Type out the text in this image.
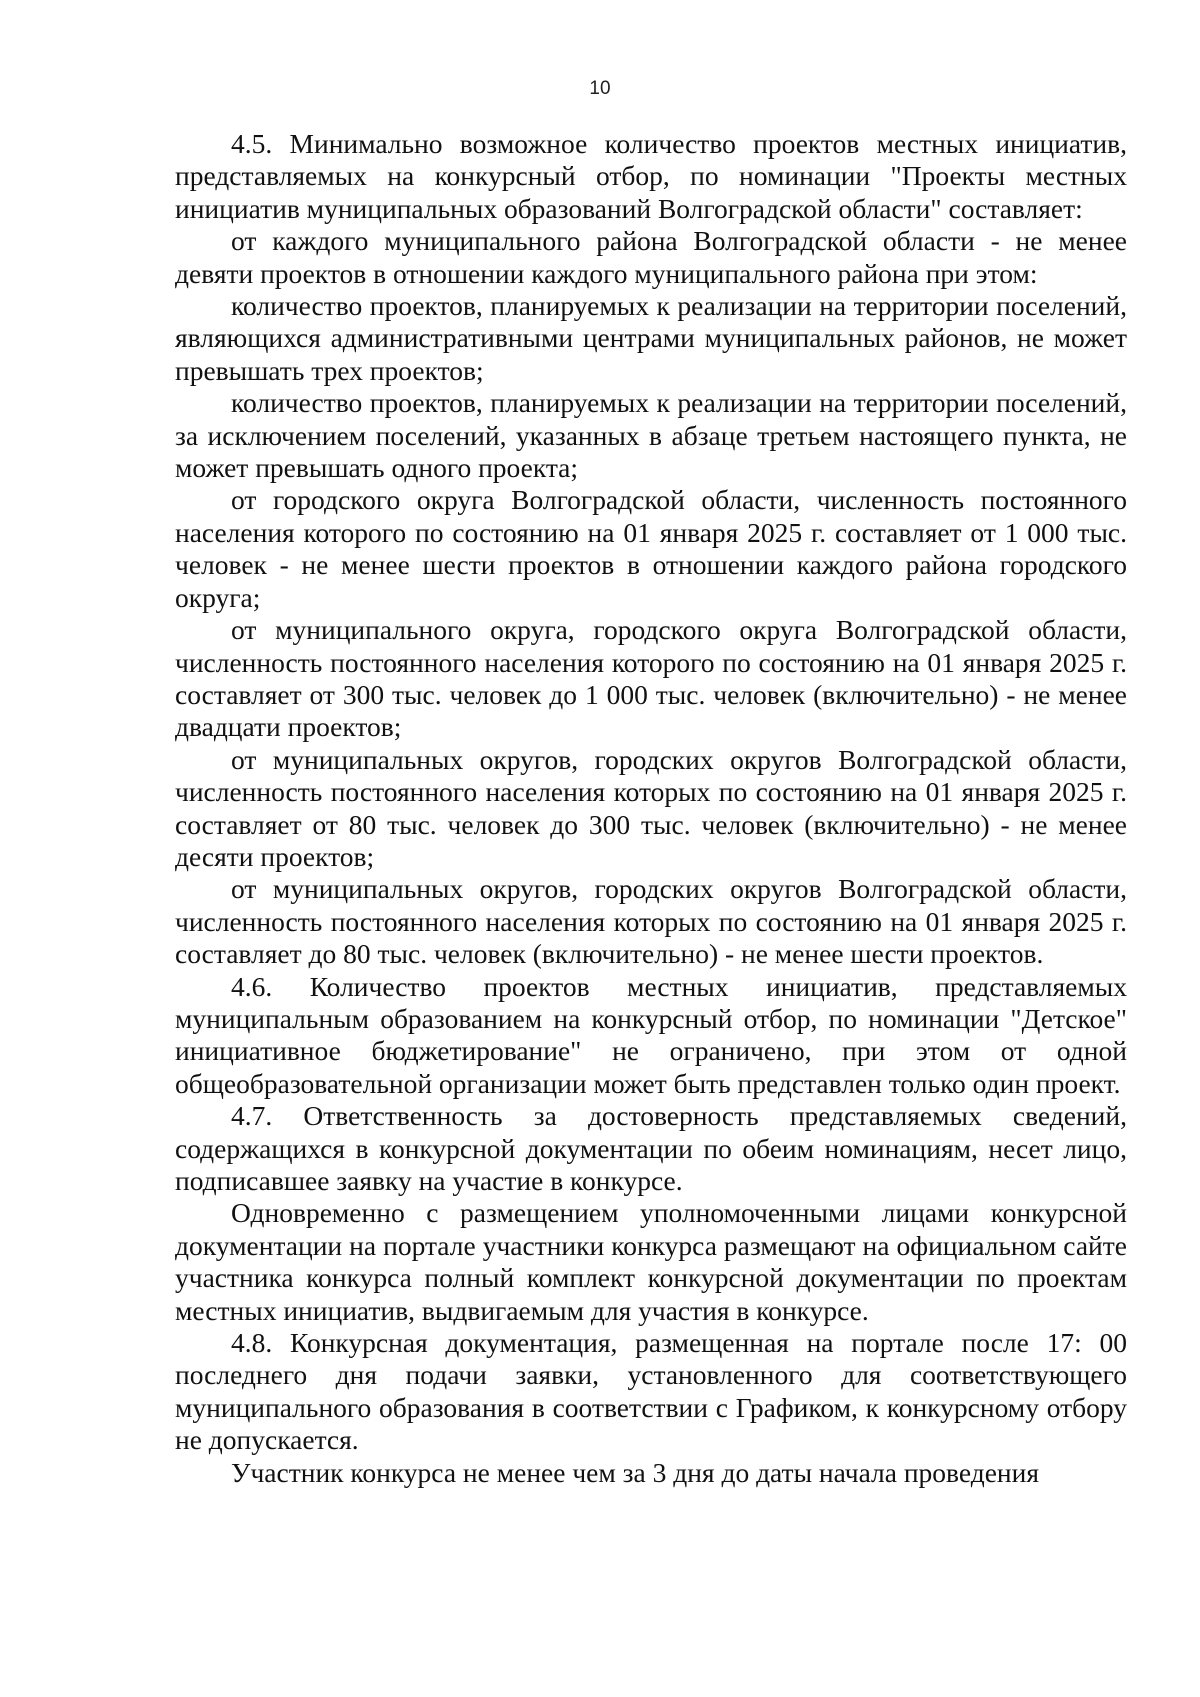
10

4.5. Минимально возможное количество проектов местных инициатив, представляемых на конкурсный отбор, по номинации "Проекты местных инициатив муниципальных образований Волгоградской области" составляет:

от каждого муниципального района Волгоградской области - не менее девяти проектов в отношении каждого муниципального района при этом:

количество проектов, планируемых к реализации на территории поселений, являющихся административными центрами муниципальных районов, не может превышать трех проектов;

количество проектов, планируемых к реализации на территории поселений, за исключением поселений, указанных в абзаце третьем настоящего пункта, не может превышать одного проекта;

от городского округа Волгоградской области, численность постоянного населения которого по состоянию на 01 января 2025 г. составляет от 1 000 тыс. человек - не менее шести проектов в отношении каждого района городского округа;

от муниципального округа, городского округа Волгоградской области, численность постоянного населения которого по состоянию на 01 января 2025 г. составляет от 300 тыс. человек до 1 000 тыс. человек (включительно) - не менее двадцати проектов;

от муниципальных округов, городских округов Волгоградской области, численность постоянного населения которых по состоянию на 01 января 2025 г. составляет от 80 тыс. человек до 300 тыс. человек (включительно) - не менее десяти проектов;

от муниципальных округов, городских округов Волгоградской области, численность постоянного населения которых по состоянию на 01 января 2025 г. составляет до 80 тыс. человек (включительно) - не менее шести проектов.

4.6. Количество проектов местных инициатив, представляемых муниципальным образованием на конкурсный отбор, по номинации "Детское" инициативное бюджетирование" не ограничено, при этом от одной общеобразовательной организации может быть представлен только один проект.

4.7. Ответственность за достоверность представляемых сведений, содержащихся в конкурсной документации по обеим номинациям, несет лицо, подписавшее заявку на участие в конкурсе.

Одновременно с размещением уполномоченными лицами конкурсной документации на портале участники конкурса размещают на официальном сайте участника конкурса полный комплект конкурсной документации по проектам местных инициатив, выдвигаемым для участия в конкурсе.

4.8. Конкурсная документация, размещенная на портале после 17: 00 последнего дня подачи заявки, установленного для соответствующего муниципального образования в соответствии с Графиком, к конкурсному отбору не допускается.

Участник конкурса не менее чем за 3 дня до даты начала проведения
